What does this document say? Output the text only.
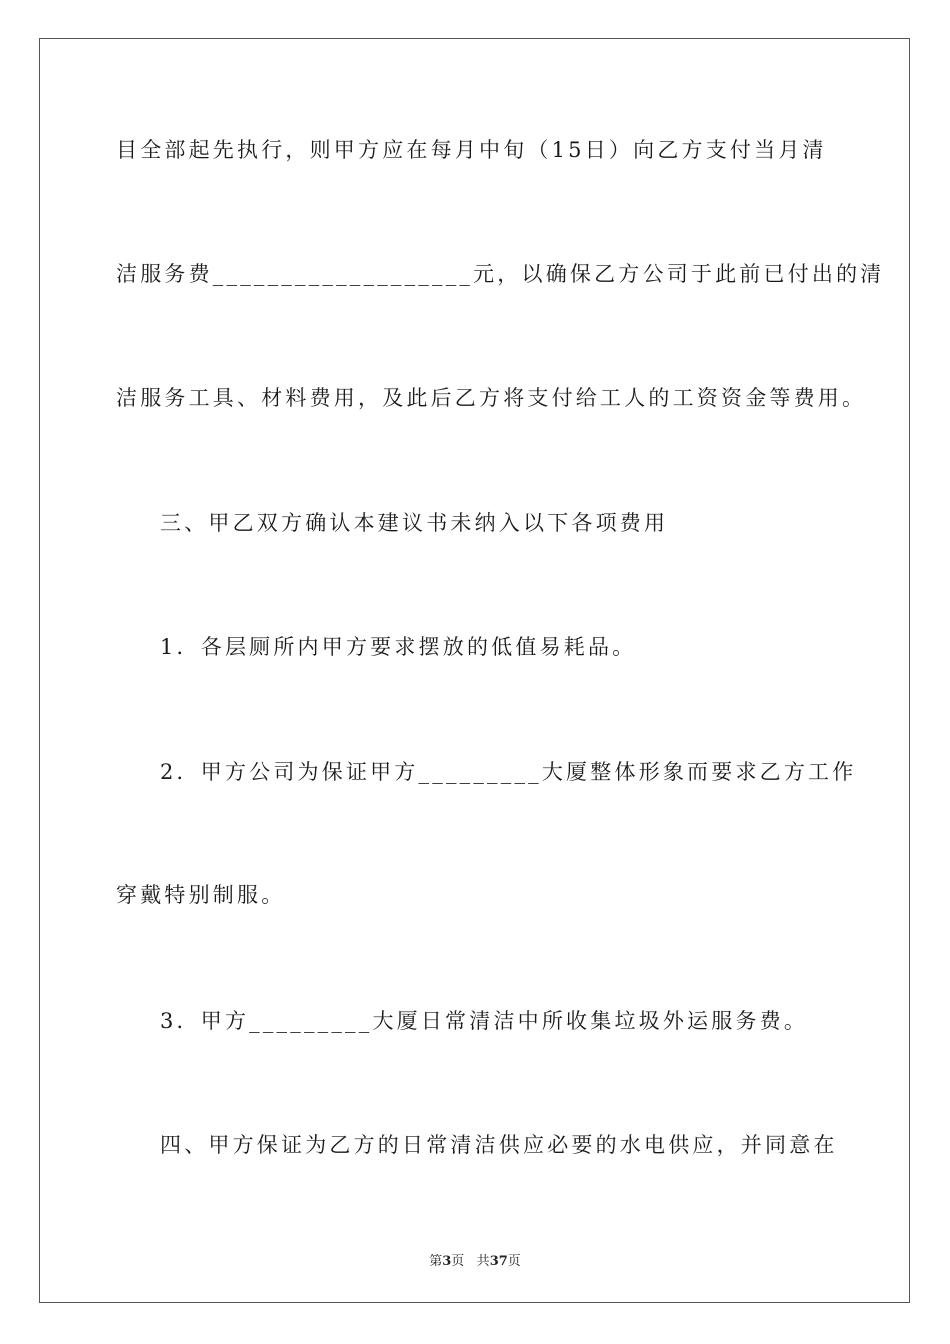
目全部起先执行，则甲方应在每月中旬（15日）向乙方支付当月清
洁服务费___________________元，以确保乙方公司于此前已付出的清
洁服务工具、材料费用，及此后乙方将支付给工人的工资资金等费用。
三、甲乙双方确认本建议书未纳入以下各项费用
1．各层厕所内甲方要求摆放的低值易耗品。
2．甲方公司为保证甲方_________大厦整体形象而要求乙方工作
穿戴特别制服。
3．甲方_________大厦日常清洁中所收集垃圾外运服务费。
四、甲方保证为乙方的日常清洁供应必要的水电供应，并同意在
第3页 共37页
